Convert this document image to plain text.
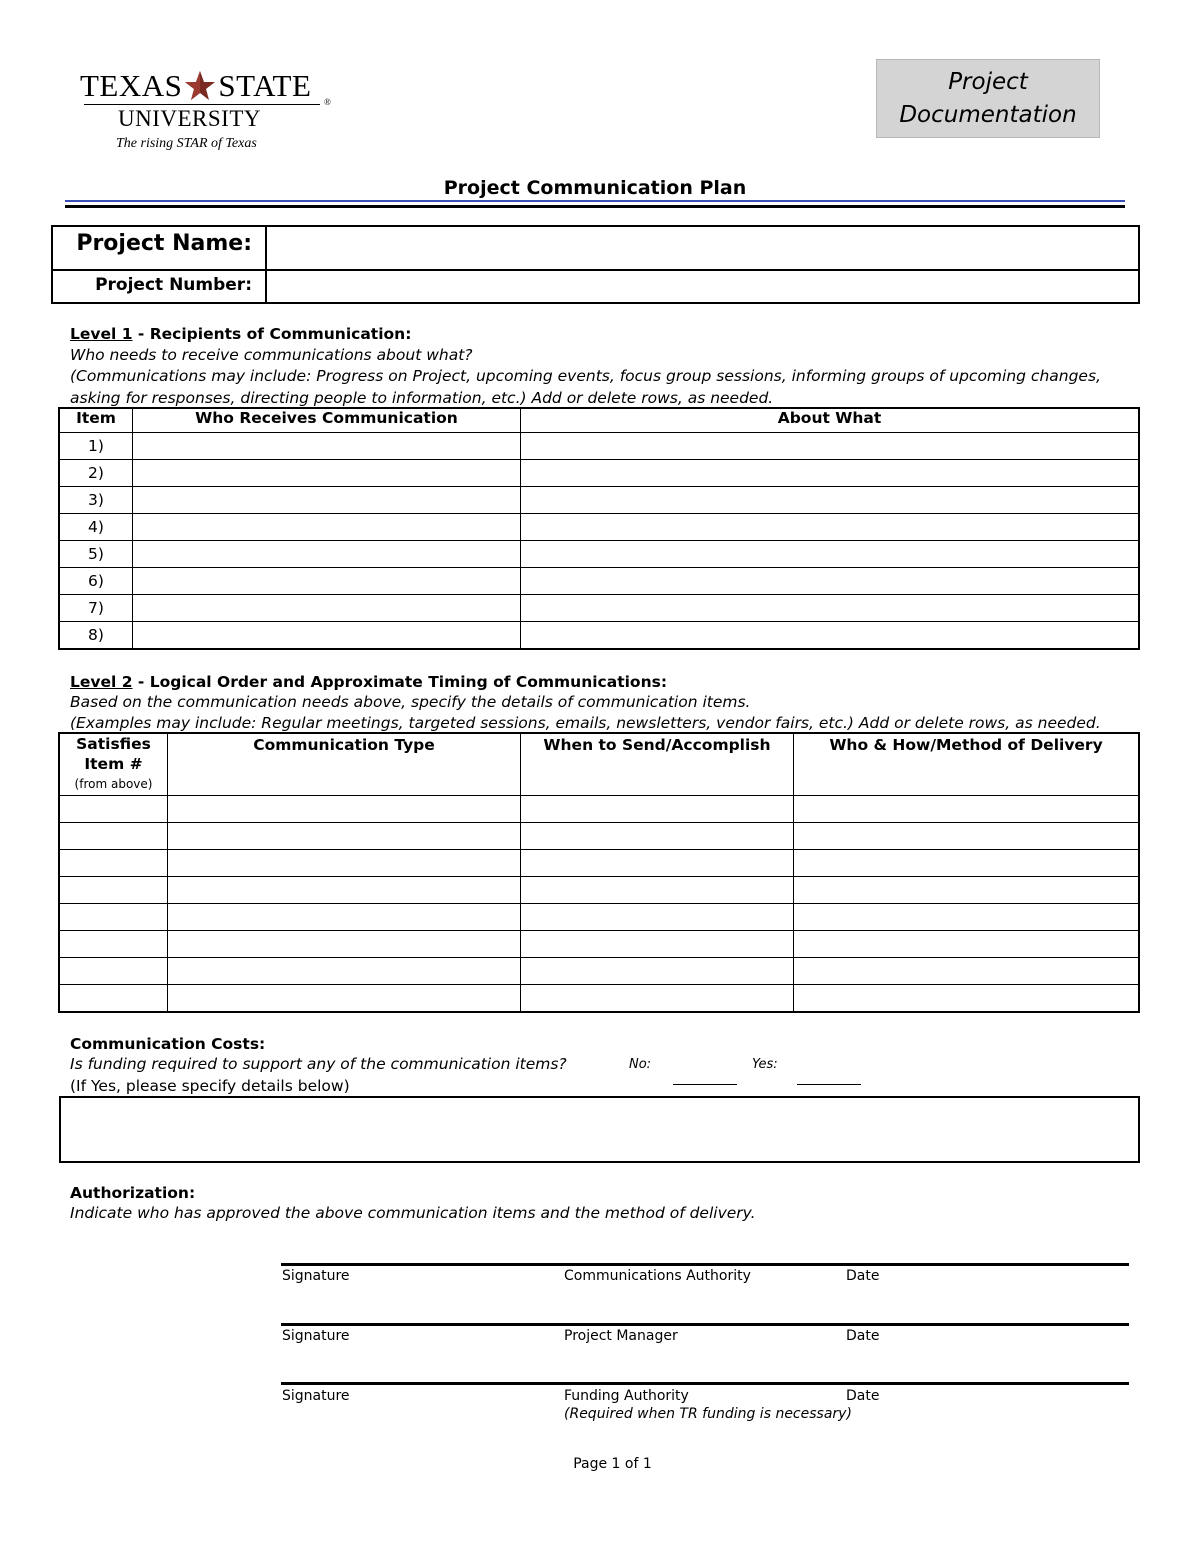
TEXAS STATE ®
UNIVERSITY
The rising STAR of Texas
Project
Documentation
Project Communication Plan
Project Name:
Project Number:
Level 1 - Recipients of Communication:
Who needs to receive communications about what?
(Communications may include: Progress on Project, upcoming events, focus group sessions, informing groups of upcoming changes,
asking for responses, directing people to information, etc.) Add or delete rows, as needed.
Item	Who Receives Communication	About What
1)		
2)		
3)		
4)		
5)		
6)		
7)		
8)		
Level 2 - Logical Order and Approximate Timing of Communications:
Based on the communication needs above, specify the details of communication items.
(Examples may include: Regular meetings, targeted sessions, emails, newsletters, vendor fairs, etc.) Add or delete rows, as needed.
Satisfies
Item #
(from above)	Communication Type	When to Send/Accomplish	Who & How/Method of Delivery

Communication Costs:
Is funding required to support any of the communication items?	No:	Yes:
(If Yes, please specify details below)
Authorization:
Indicate who has approved the above communication items and the method of delivery.
Signature	Communications Authority	Date
Signature	Project Manager	Date
Signature	Funding Authority	Date
(Required when TR funding is necessary)
Page 1 of 1
